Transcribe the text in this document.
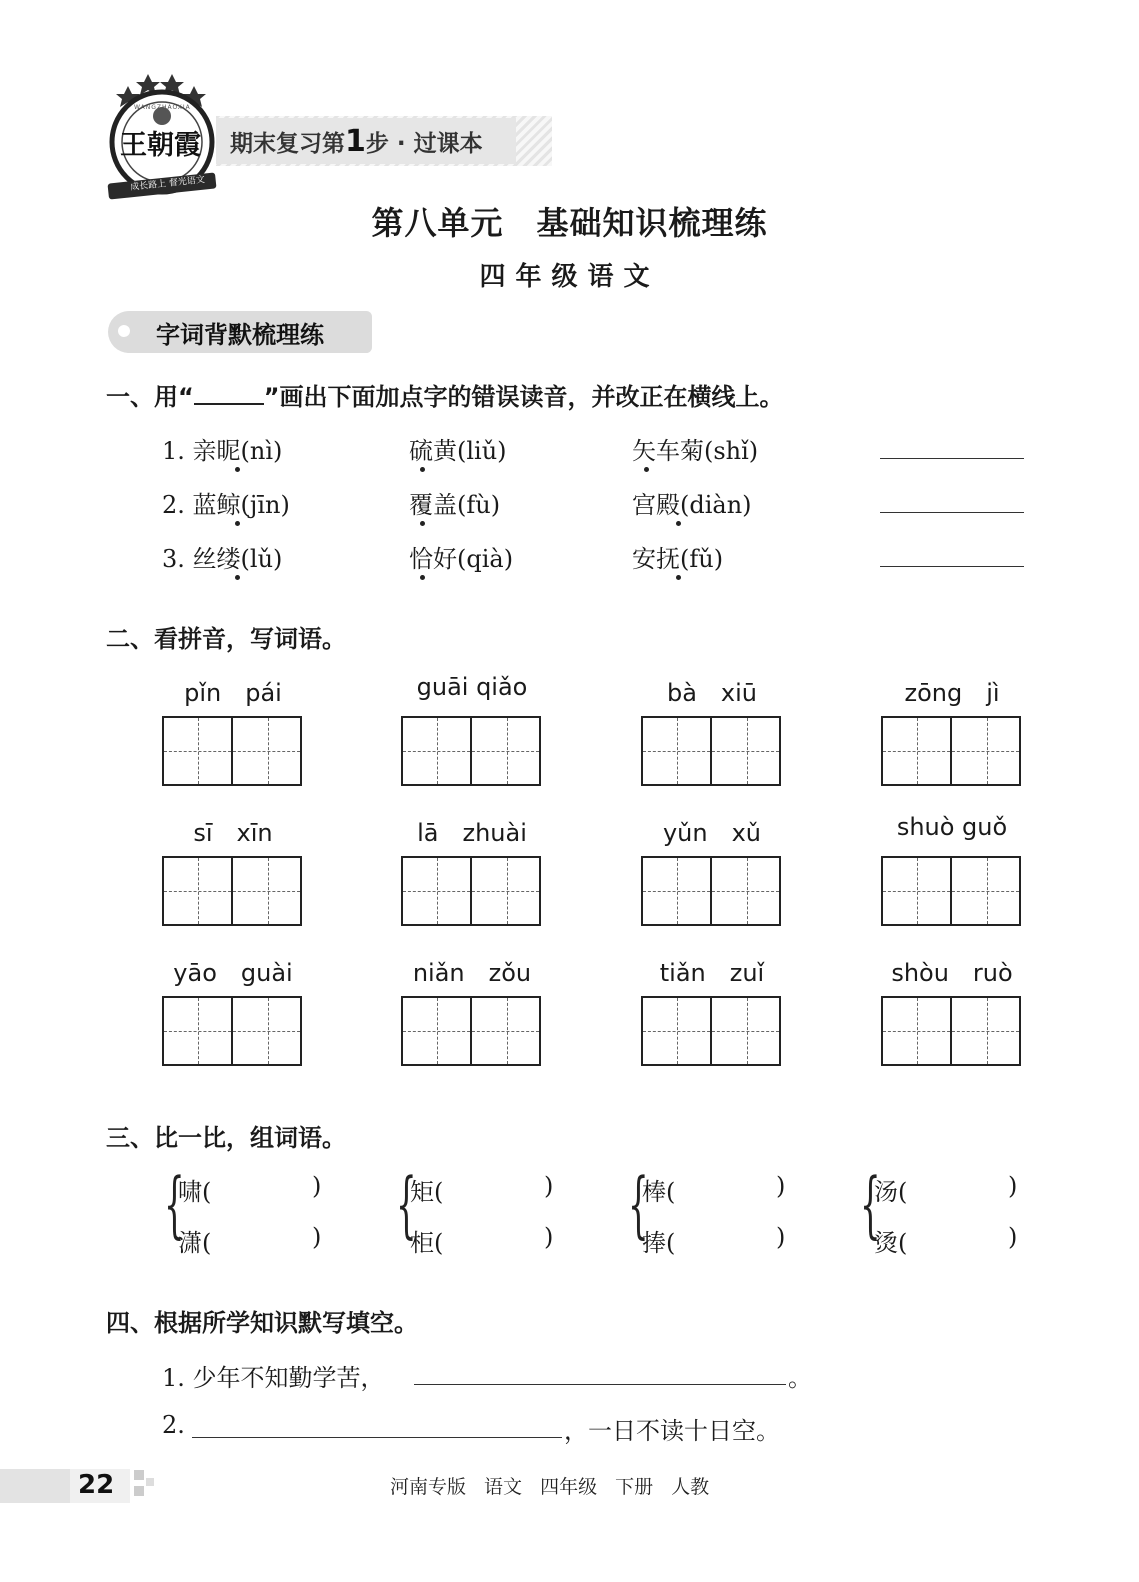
王朝霞
成长路上 督光语文
WANGZHAOXIA
期末复习第1步 · 过课本
第八单元　基础知识梳理练
四年级语文
字词背默梳理练
一、用“	”画出下面加点字的错误读音，并改正在横线上。
1. 亲昵(nì)	硫黄(liǔ)	矢车菊(shǐ)
2. 蓝鲸(jīn)	覆盖(fù)	宫殿(diàn)
3. 丝缕(lǔ)	恰好(qià)	安抚(fǔ)
二、看拼音，写词语。
pǐn　pái	guāi qiǎo	bà　xiū	zōng　jì
sī　xīn	lā　zhuài	yǔn　xǔ	shuò guǒ
yāo　guài	niǎn　zǒu	tiǎn　zuǐ	shòu　ruò
三、比一比，组词语。
{
啸(	)
潇(	) {
矩(	)
柜(	) {
棒(	)
捧(	) {
汤(	)
烫(	)
四、根据所学知识默写填空。
1. 少年不知勤学苦，	。
2.	，一日不读十日空。
22	河南专版 语文 四年级 下册 人教
